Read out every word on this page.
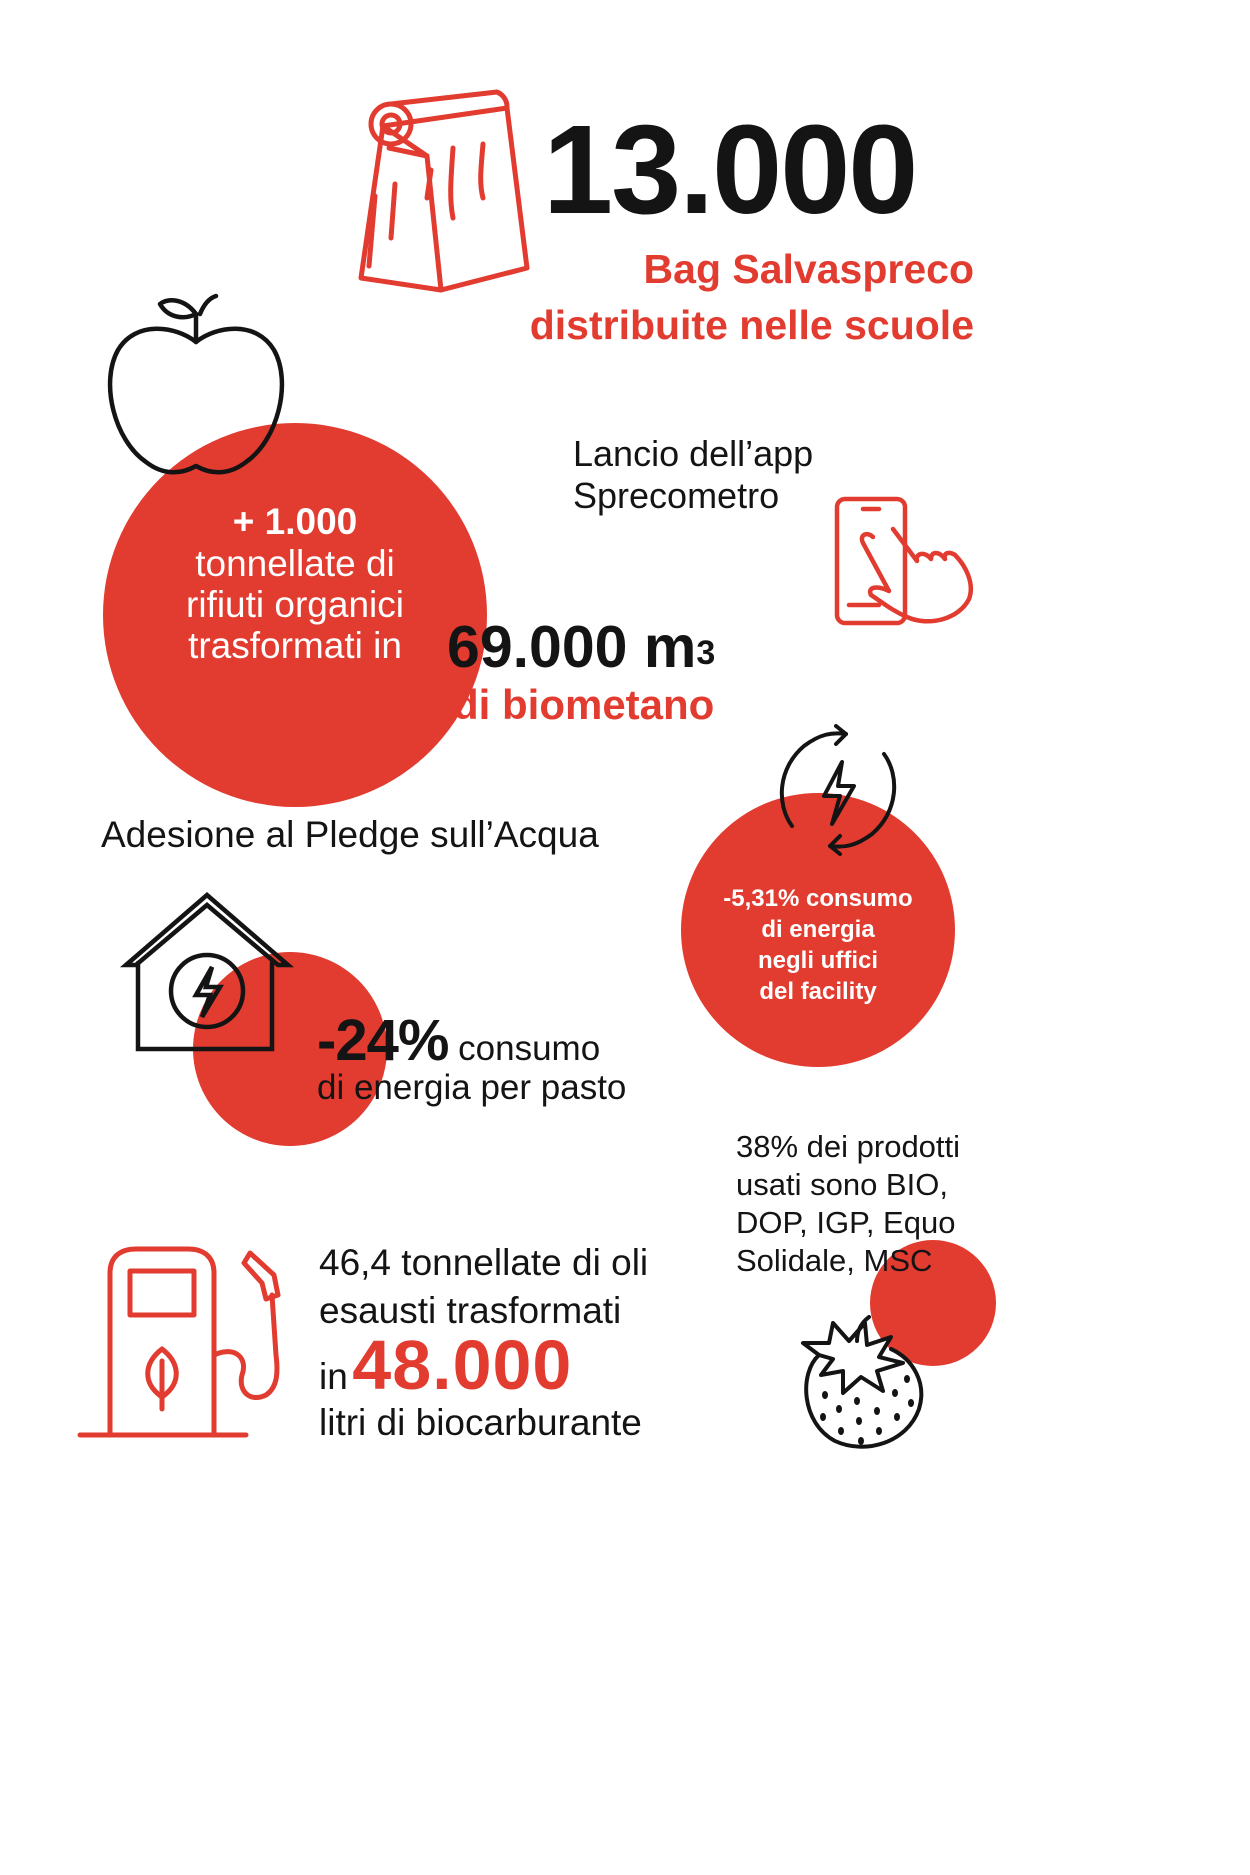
13.000
Bag Salvaspreco
distribuite nelle scuole
+ 1.000
tonnellate di
rifiuti organici
trasformati in 69.000 $m^3$
di biometano
Lancio dell’app
Sprecometro
Adesione al Pledge sull’Acqua
-5,31% consumo
di energia
negli uffici
del facility
-24% consumo
di energia per pasto
38% dei prodotti
usati sono BIO,
DOP, IGP, Equo
Solidale, MSC
46,4 tonnellate di oli
esausti trasformati
in 48.000
litri di biocarburante
